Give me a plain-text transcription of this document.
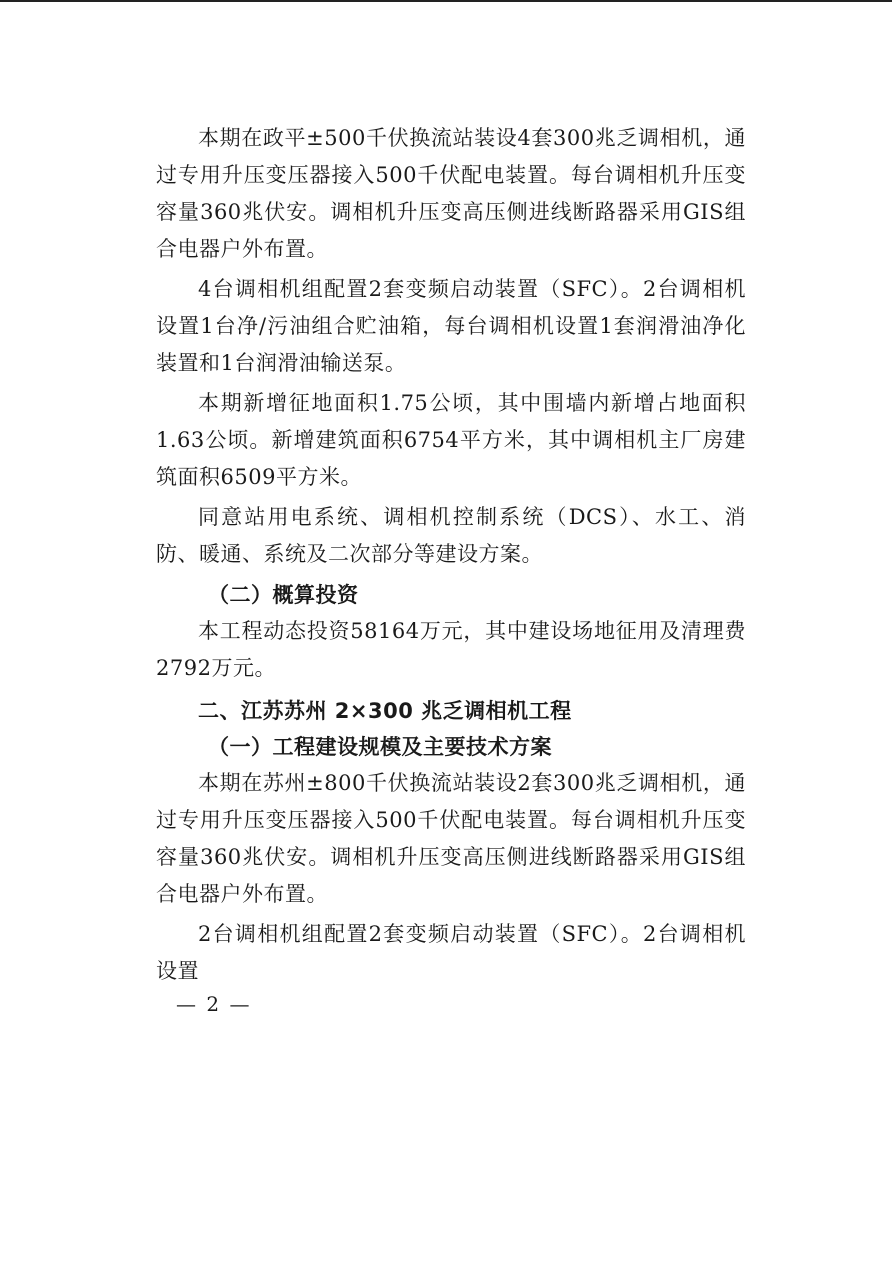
本期在政平±500千伏换流站装设4套300兆乏调相机，通过专用升压变压器接入500千伏配电装置。每台调相机升压变容量360兆伏安。调相机升压变高压侧进线断路器采用GIS组合电器户外布置。

4台调相机组配置2套变频启动装置（SFC）。2台调相机设置1台净/污油组合贮油箱，每台调相机设置1套润滑油净化装置和1台润滑油输送泵。

本期新增征地面积1.75公顷，其中围墙内新增占地面积1.63公顷。新增建筑面积6754平方米，其中调相机主厂房建筑面积6509平方米。

同意站用电系统、调相机控制系统（DCS）、水工、消防、暖通、系统及二次部分等建设方案。

（二）概算投资

本工程动态投资58164万元，其中建设场地征用及清理费2792万元。

二、江苏苏州 2×300 兆乏调相机工程
（一）工程建设规模及主要技术方案

本期在苏州±800千伏换流站装设2套300兆乏调相机，通过专用升压变压器接入500千伏配电装置。每台调相机升压变容量360兆伏安。调相机升压变高压侧进线断路器采用GIS组合电器户外布置。

2台调相机组配置2套变频启动装置（SFC）。2台调相机设置

— 2 —
